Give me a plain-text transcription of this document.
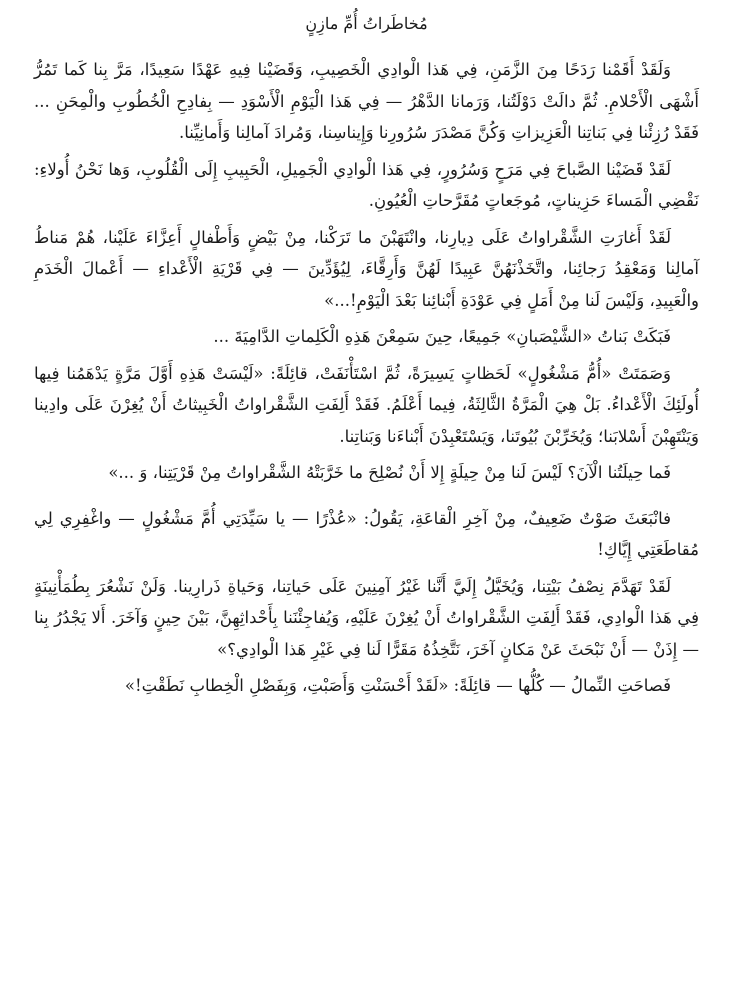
مُخاطَراتُ أُمِّ مازِنٍ

وَلَقَدْ أَقَمْنا رَدَحًا مِنَ الزَّمَنِ، فِي هَذا الْوادِي الْخَصِيبِ، وَقَضَيْنا فِيهِ عَهْدًا سَعِيدًا، مَرَّ بِنا كَما تَمُرُّ أَشْهَى الْأَحْلامِ. ثُمَّ دالَتْ دَوْلَتُنا، وَرَمانا الدَّهْرُ — فِي هَذا الْيَوْمِ الْأَسْوَدِ — بِفادِحِ الْخُطُوبِ والْمِحَنِ ... فَقَدْ رُزِئْنا فِي بَناتِنا الْعَزِيزاتِ وَكُنَّ مَصْدَرَ سُرُورِنا وَإِيناسِنا، وَمُرادَ آمالِنا وَأَمانِيِّنا.

لَقَدْ قَضَيْنا الصَّباحَ فِي مَرَحٍ وَسُرُورٍ، فِي هَذا الْوادِي الْجَمِيلِ، الْحَبِيبِ إِلَى الْقُلُوبِ، وَها نَحْنُ أُولاءِ: نَقْضِي الْمَساءَ حَزِيناتٍ، مُوجَعاتٍ مُقَرَّحاتِ الْعُيُونِ.

لَقَدْ أَغارَتِ الشَّقْراواتُ عَلَى دِيارِنا، وانْتَهَبْنَ ما تَرَكْنا، مِنْ بَيْضٍ وَأَطْفالٍ أَعِزَّاءَ عَلَيْنا، هُمْ مَناطُ آمالِنا وَمَعْقِدُ رَجائِنا، واتَّخَذْنَهُنَّ عَبِيدًا لَهُنَّ وَأَرِقَّاءَ، لِيُؤَدِّينَ — فِي قَرْيَةِ الْأَعْداءِ — أَعْمالَ الْخَدَمِ والْعَبِيدِ، وَلَيْسَ لَنا مِنْ أَمَلٍ فِي عَوْدَةِ أَبْنائِنا بَعْدَ الْيَوْمِ!...»

فَبَكَتْ بَناتُ «الشَّيْصَبانِ» جَمِيعًا، حِينَ سَمِعْنَ هَذِهِ الْكَلِماتِ الدَّامِيَةَ ...

وَصَمَتَتْ «أُمُّ مَشْغُولٍ» لَحَظاتٍ يَسِيرَةً، ثُمَّ اسْتَأْنَفَتْ، قائِلَةً: «لَيْسَتْ هَذِهِ أَوَّلَ مَرَّةٍ يَدْهَمُنا فِيها أُولَئِكَ الْأَعْداءُ. بَلْ هِيَ الْمَرَّةُ الثَّالِثَةُ، فِيما أَعْلَمُ. فَقَدْ أَلِفَتِ الشَّقْراواتُ الْخَبِيثاتُ أَنْ يُغِرْنَ عَلَى وادِينا وَيَنْتَهِبْنَ أَسْلابَنا؛ وَيُخَرِّبْنَ بُيُوتَنا، وَيَسْتَعْبِدْنَ أَبْناءَنا وَبَناتِنا.

فَما حِيلَتُنا الْآنَ؟ لَيْسَ لَنا مِنْ حِيلَةٍ إِلا أَنْ نُصْلِحَ ما خَرَّبَتْهُ الشَّقْراواتُ مِنْ قَرْيَتِنا، وَ ...»

فانْبَعَثَ صَوْتٌ ضَعِيفٌ، مِنْ آخِرِ الْقاعَةِ، يَقُولُ: «عُذْرًا — يا سَيِّدَتِي أُمَّ مَشْغُولٍ — واغْفِرِي لِي مُقاطَعَتِي إِيَّاكِ!

لَقَدْ تَهَدَّمَ نِصْفُ بَيْتِنا، وَيُخَيَّلُ إِلَيَّ أَنَّنا غَيْرُ آمِنِينَ عَلَى حَياتِنا، وَحَياةِ ذَرارِينا. وَلَنْ نَشْعُرَ بِطُمَأْنِينَةٍ فِي هَذا الْوادِي، فَقَدْ أَلِفَتِ الشَّقْراواتُ أَنْ يُغِرْنَ عَلَيْهِ، وَيُفاجِئْنَنا بِأَحْداثِهِنَّ، بَيْنَ حِينٍ وَآخَرَ. أَلا يَجْدُرُ بِنا — إِذَنْ — أَنْ نَبْحَثَ عَنْ مَكانٍ آخَرَ، نَتَّخِذُهُ مَقَرًّا لَنا فِي غَيْرِ هَذا الْوادِي؟»

فَصاحَتِ النِّمالُ — كُلُّها — قائِلَةً: «لَقَدْ أَحْسَنْتِ وَأَصَبْتِ، وَبِفَصْلِ الْخِطابِ نَطَقْتِ!»
